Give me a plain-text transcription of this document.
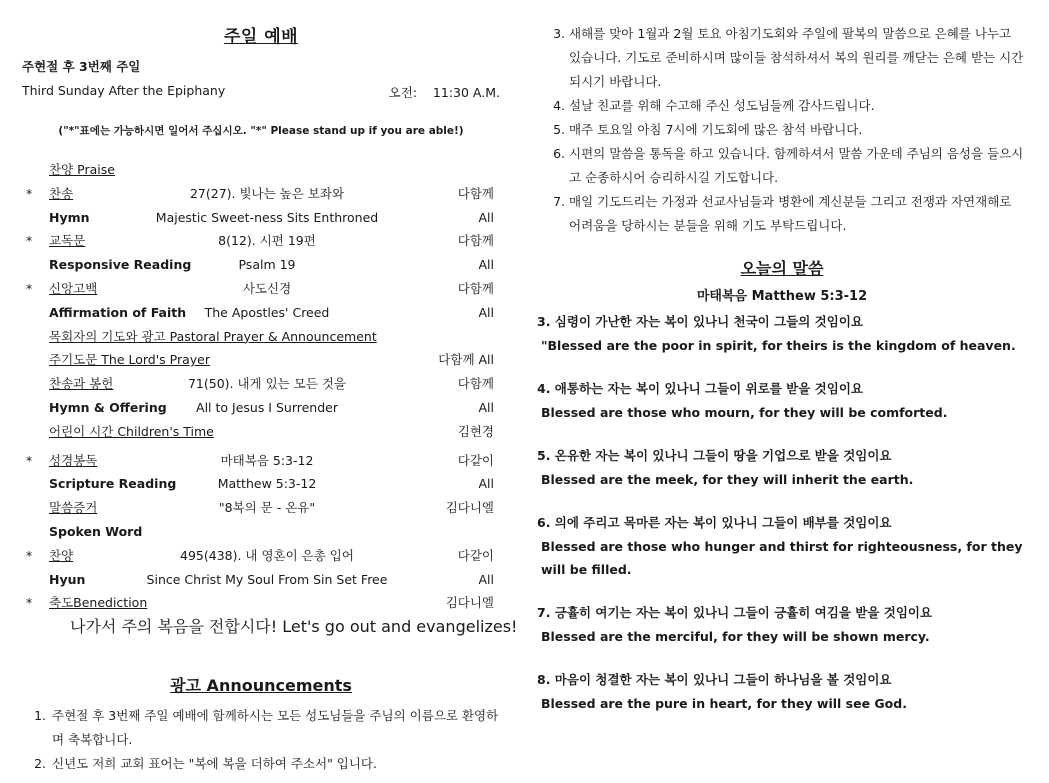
주일 예배
주현절 후 3번째 주일
Third Sunday After the Epiphany	오전:    11:30 A.M.
("*"표에는 가능하시면 일어서 주십시오. "*" Please stand up if you are able!)
찬양 Praise
* 찬송	27(27). 빛나는 높은 보좌와	다함께
Hymn	Majestic Sweet-ness Sits Enthroned	All
* 교독문	8(12). 시편 19편	다함께
Responsive Reading	Psalm 19	All
* 신앙고백	사도신경	다함께
Affirmation of Faith	The Apostles' Creed	All
목회자의 기도와 광고 Pastoral Prayer & Announcement
주기도문 The Lord's Prayer	다함께 All
찬송과 봉헌	71(50). 내게 있는 모든 것을	다함께
Hymn & Offering	All to Jesus I Surrender	All
어린이 시간 Children's Time	김현경
* 성경봉독	마태복음 5:3-12	다같이
Scripture Reading	Matthew 5:3-12	All
말씀증거	"8복의 문 - 온유"	김다니엘
Spoken Word
* 찬양	495(438). 내 영혼이 은총 입어	다같이
Hyun	Since Christ My Soul From Sin Set Free	All
* 축도Benediction	김다니엘
나가서 주의 복음을 전합시다! Let's go out and evangelizes!
광고 Announcements
1. 주현절 후 3번째 주일 예배에 함께하시는 모든 성도님들을 주님의 이름으로 환영하며 축복합니다.
2. 신년도 저희 교회 표어는 "복에 복을 더하여 주소서" 입니다.
3. 새해를 맞아 1월과 2월 토요 아침기도회와 주일에 팔복의 말씀으로 은혜를 나누고 있습니다. 기도로 준비하시며 많이들 참석하셔서 복의 원리를 깨닫는 은혜 받는 시간 되시기 바랍니다.
4. 설날 친교를 위해 수고해 주신 성도님들께 감사드립니다.
5. 매주 토요일 아침 7시에 기도회에 많은 참석 바랍니다.
6. 시편의 말씀을 통독을 하고 있습니다. 함께하셔서 말씀 가운데 주님의 음성을 들으시고 순종하시어 승리하시길 기도합니다.
7. 매일 기도드리는 가정과 선교사님들과 병환에 계신분들 그리고 전쟁과 자연재해로 어려움을 당하시는 분들을 위해 기도 부탁드립니다.
오늘의 말씀
마태복음 Matthew 5:3-12
3. 심령이 가난한 자는 복이 있나니 천국이 그들의 것임이요
"Blessed are the poor in spirit, for theirs is the kingdom of heaven.
4. 애통하는 자는 복이 있나니 그들이 위로를 받을 것임이요
Blessed are those who mourn, for they will be comforted.
5. 온유한 자는 복이 있나니 그들이 땅을 기업으로 받을 것임이요
Blessed are the meek, for they will inherit the earth.
6. 의에 주리고 목마른 자는 복이 있나니 그들이 배부를 것임이요
Blessed are those who hunger and thirst for righteousness, for they will be filled.
7. 긍휼히 여기는 자는 복이 있나니 그들이 긍휼히 여김을 받을 것임이요
Blessed are the merciful, for they will be shown mercy.
8. 마음이 청결한 자는 복이 있나니 그들이 하나님을 볼 것임이요
Blessed are the pure in heart, for they will see God.
